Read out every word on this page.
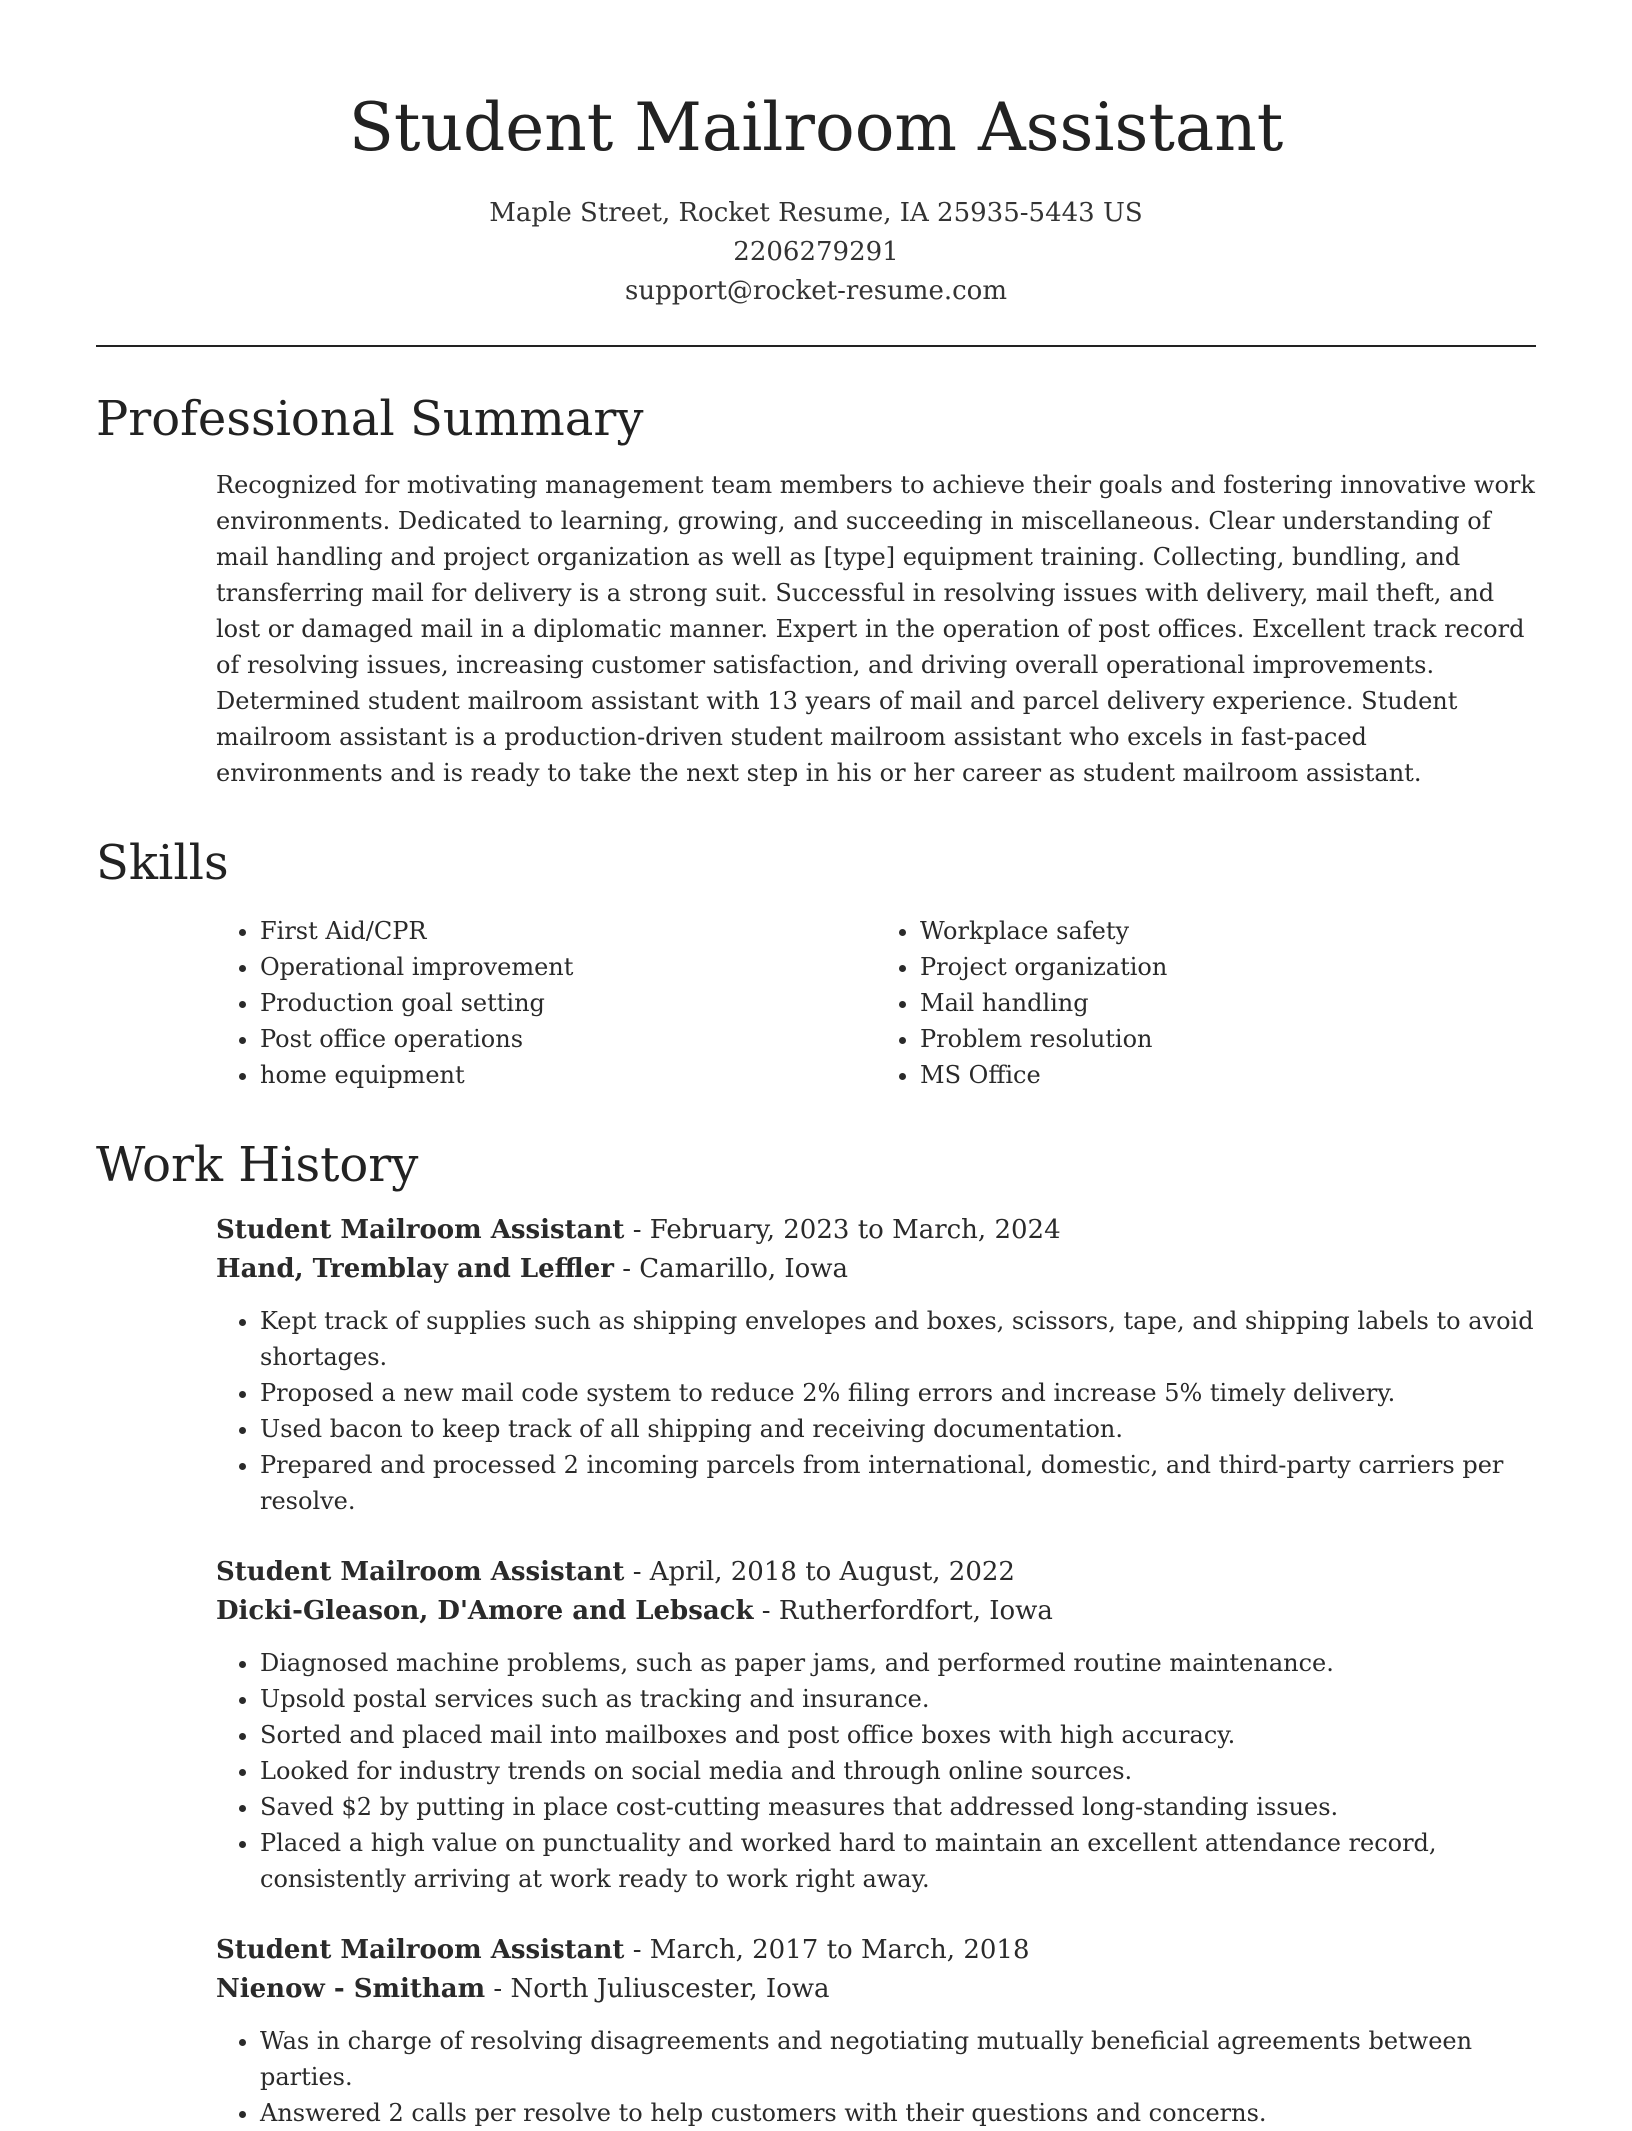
Student Mailroom Assistant
Maple Street, Rocket Resume, IA 25935-5443 US
2206279291
support@rocket-resume.com
Professional Summary

Recognized for motivating management team members to achieve their goals and fostering innovative work environments. Dedicated to learning, growing, and succeeding in miscellaneous. Clear understanding of mail handling and project organization as well as [type] equipment training. Collecting, bundling, and transferring mail for delivery is a strong suit. Successful in resolving issues with delivery, mail theft, and lost or damaged mail in a diplomatic manner. Expert in the operation of post offices. Excellent track record of resolving issues, increasing customer satisfaction, and driving overall operational improvements. Determined student mailroom assistant with 13 years of mail and parcel delivery experience. Student mailroom assistant is a production-driven student mailroom assistant who excels in fast-paced environments and is ready to take the next step in his or her career as student mailroom assistant.

Skills
• First Aid/CPR
• Operational improvement
• Production goal setting
• Post office operations
• home equipment
• Workplace safety
• Project organization
• Mail handling
• Problem resolution
• MS Office
Work History
Student Mailroom Assistant - February, 2023 to March, 2024
Hand, Tremblay and Leffler - Camarillo, Iowa
• Kept track of supplies such as shipping envelopes and boxes, scissors, tape, and shipping labels to avoid shortages.
• Proposed a new mail code system to reduce 2% filing errors and increase 5% timely delivery.
• Used bacon to keep track of all shipping and receiving documentation.
• Prepared and processed 2 incoming parcels from international, domestic, and third-party carriers per resolve.
Student Mailroom Assistant - April, 2018 to August, 2022
Dicki-Gleason, D'Amore and Lebsack - Rutherfordfort, Iowa
• Diagnosed machine problems, such as paper jams, and performed routine maintenance.
• Upsold postal services such as tracking and insurance.
• Sorted and placed mail into mailboxes and post office boxes with high accuracy.
• Looked for industry trends on social media and through online sources.
• Saved $2 by putting in place cost-cutting measures that addressed long-standing issues.
• Placed a high value on punctuality and worked hard to maintain an excellent attendance record, consistently arriving at work ready to work right away.
Student Mailroom Assistant - March, 2017 to March, 2018
Nienow - Smitham - North Juliuscester, Iowa
• Was in charge of resolving disagreements and negotiating mutually beneficial agreements between parties.
• Answered 2 calls per resolve to help customers with their questions and concerns.
